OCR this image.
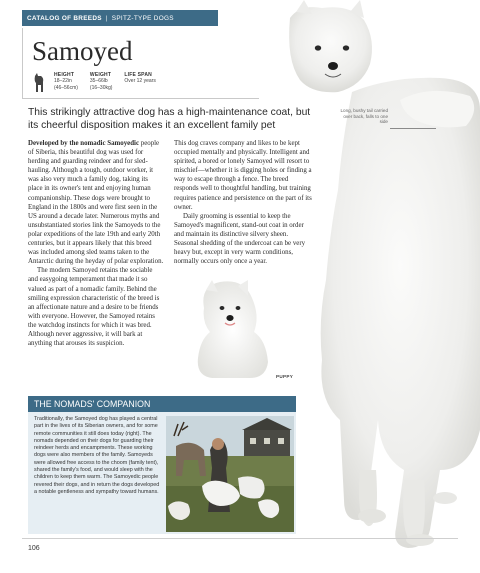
CATALOG OF BREEDS | SPITZ-TYPE DOGS
Samoyed
HEIGHT
18–22in
(46–56cm)
WEIGHT
35–66lb
(16–30kg)
LIFE SPAN
Over 12 years
This strikingly attractive dog has a high-maintenance coat, but its cheerful disposition makes it an excellent family pet
Long, bushy tail carried over back, falls to one side

Developed by the nomadic Samoyedic people of Siberia, this beautiful dog was used for herding and guarding reindeer and for sled-hauling. Although a tough, outdoor worker, it was also very much a family dog, taking its place in its owner's tent and enjoying human companionship. These dogs were brought to England in the 1800s and were first seen in the US around a decade later. Numerous myths and unsubstantiated stories link the Samoyeds to the polar expeditions of the late 19th and early 20th centuries, but it appears likely that this breed was included among sled teams taken to the Antarctic during the heyday of polar exploration.

The modern Samoyed retains the sociable and easygoing temperament that made it so valued as part of a nomadic family. Behind the smiling expression characteristic of the breed is an affectionate nature and a desire to be friends with everyone. However, the Samoyed retains the watchdog instincts for which it was bred. Although never aggressive, it will bark at anything that arouses its suspicion.

This dog craves company and likes to be kept occupied mentally and physically. Intelligent and spirited, a bored or lonely Samoyed will resort to mischief—whether it is digging holes or finding a way to escape through a fence. The breed responds well to thoughtful handling, but training requires patience and persistence on the part of its owner.

Daily grooming is essential to keep the Samoyed's magnificent, stand-out coat in order and maintain its distinctive silvery sheen. Seasonal shedding of the undercoat can be very heavy but, except in very warm conditions, normally occurs only once a year.

PUPPY
THE NOMADS' COMPANION
Traditionally, the Samoyed dog has played a central part in the lives of its Siberian owners, and for some remote communities it still does today (right). The nomads depended on their dogs for guarding their reindeer herds and encampments. These working dogs were also members of the family. Samoyeds were allowed free access to the choom (family tent), shared the family's food, and would sleep with the children to keep them warm. The Samoyedic people revered their dogs, and in return the dogs developed a notable gentleness and sympathy toward humans.
106
